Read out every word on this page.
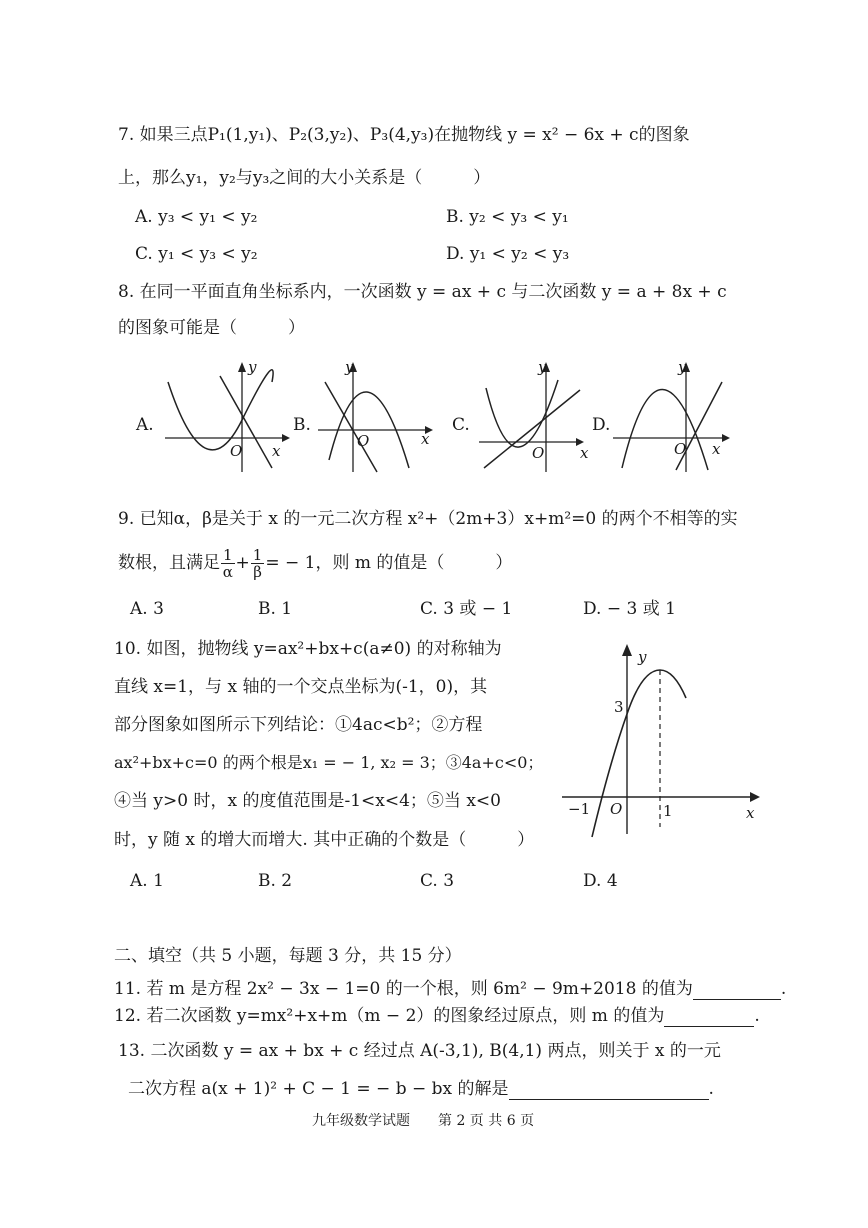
7. 如果三点P₁(1,y₁)、P₂(3,y₂)、P₃(4,y₃)在抛物线 y = x² − 6x + c的图象
上，那么y₁，y₂与y₃之间的大小关系是（　　　）
A. y₃ < y₁ < y₂	B. y₂ < y₃ < y₁
C. y₁ < y₃ < y₂	D. y₁ < y₂ < y₃
8. 在同一平面直角坐标系内，一次函数 y = ax + c 与二次函数 y = a + 8x + c
的图象可能是（　　　）
A.
y
x
O
B.
y
x
O
C.
y
x
O
D.
y
x
O
9. 已知α，β是关于 x 的一元二次方程 x²+（2m+3）x+m²=0 的两个不相等的实
数根，且满足 $\frac{1}{\alpha} + \frac{1}{\beta}$ = − 1，则 m 的值是（　　　）
A. 3	B. 1	C. 3 或 − 1	D. − 3 或 1
10. 如图，抛物线 y=ax²+bx+c(a≠0) 的对称轴为
直线 x=1，与 x 轴的一个交点坐标为(-1，0)，其
部分图象如图所示下列结论：①4ac<b²；②方程
ax²+bx+c=0 的两个根是x₁ = − 1, x₂ = 3；③4a+c<0；
④当 y>0 时，x 的度值范围是-1<x<4；⑤当 x<0
时，y 随 x 的增大而增大. 其中正确的个数是（　　　）
y
x
O
−1	1
3
A. 1	B. 2	C. 3	D. 4
二、填空（共 5 小题，每题 3 分，共 15 分）
11. 若 m 是方程 2x² − 3x − 1=0 的一个根，则 6m² − 9m+2018 的值为	.
12. 若二次函数 y=mx²+x+m（m − 2）的图象经过原点，则 m 的值为	.
13. 二次函数 y = ax + bx + c 经过点 A(-3,1), B(4,1) 两点，则关于 x 的一元
二次方程 a(x + 1)² + C − 1 = − b − bx 的解是	.
九年级数学试题　　第 2 页 共 6 页
